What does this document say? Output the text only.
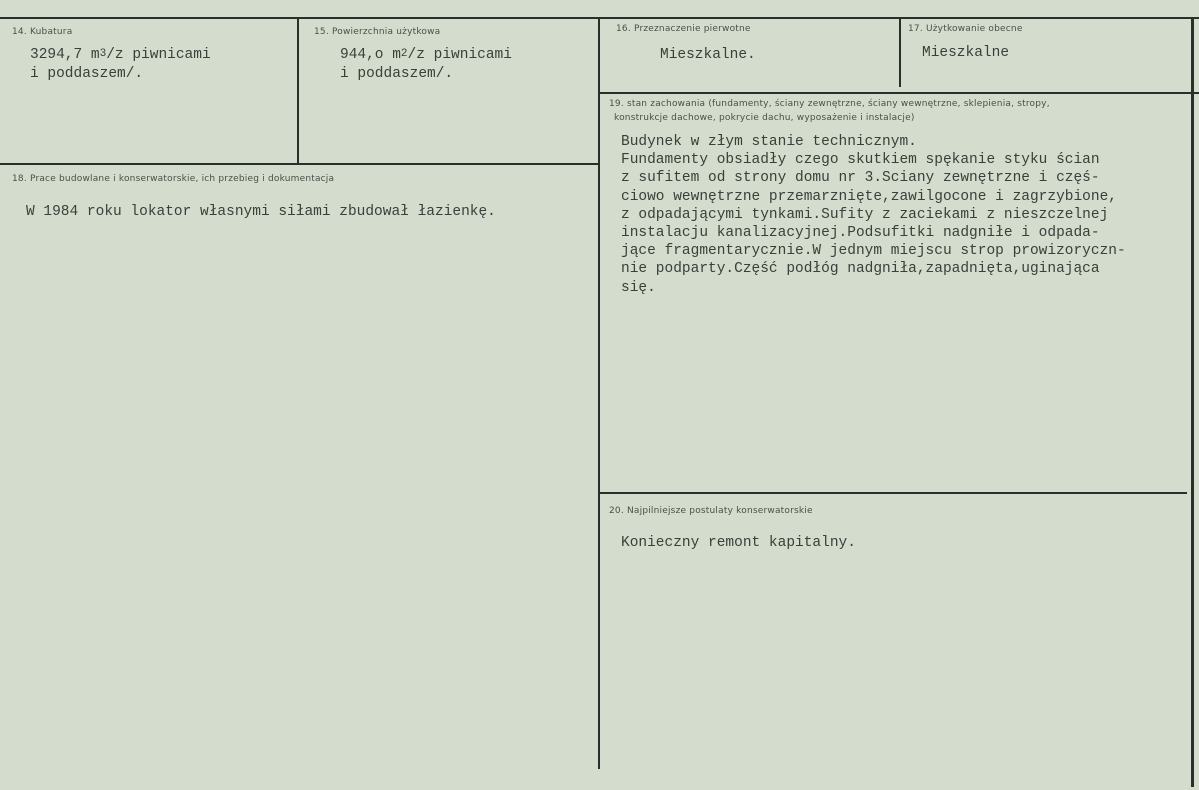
14. Kubatura
3294,7 $m^3/z$ piwnicami
i poddaszem/.
15. Powierzchnia użytkowa
944,o $m^2/z$ piwnicami
i poddaszem/.
16. Przeznaczenie pierwotne
Mieszkalne.
17. Użytkowanie obecne
Mieszkalne
18. Prace budowlane i konserwatorskie, ich przebieg i dokumentacja
W 1984 roku lokator własnymi siłami zbudował łazienkę.
19. stan zachowania (fundamenty, ściany zewnętrzne, ściany wewnętrzne, sklepienia, stropy,
konstrukcje dachowe, pokrycie dachu, wyposażenie i instalacje)
Budynek w złym stanie technicznym.
Fundamenty obsiadły czego skutkiem spękanie styku ścian
z sufitem od strony domu nr 3.Sciany zewnętrzne i częś-
ciowo wewnętrzne przemarznięte,zawilgocone i zagrzybione,
z odpadającymi tynkami.Sufity z zaciekami z nieszczelnej
instalacju kanalizacyjnej.Podsufitki nadgniłe i odpada-
jące fragmentarycznie.W jednym miejscu strop prowizoryczn-
nie podparty.Część podłóg nadgniła,zapadnięta,uginająca
się.
20. Najpilniejsze postulaty konserwatorskie
Konieczny remont kapitalny.
